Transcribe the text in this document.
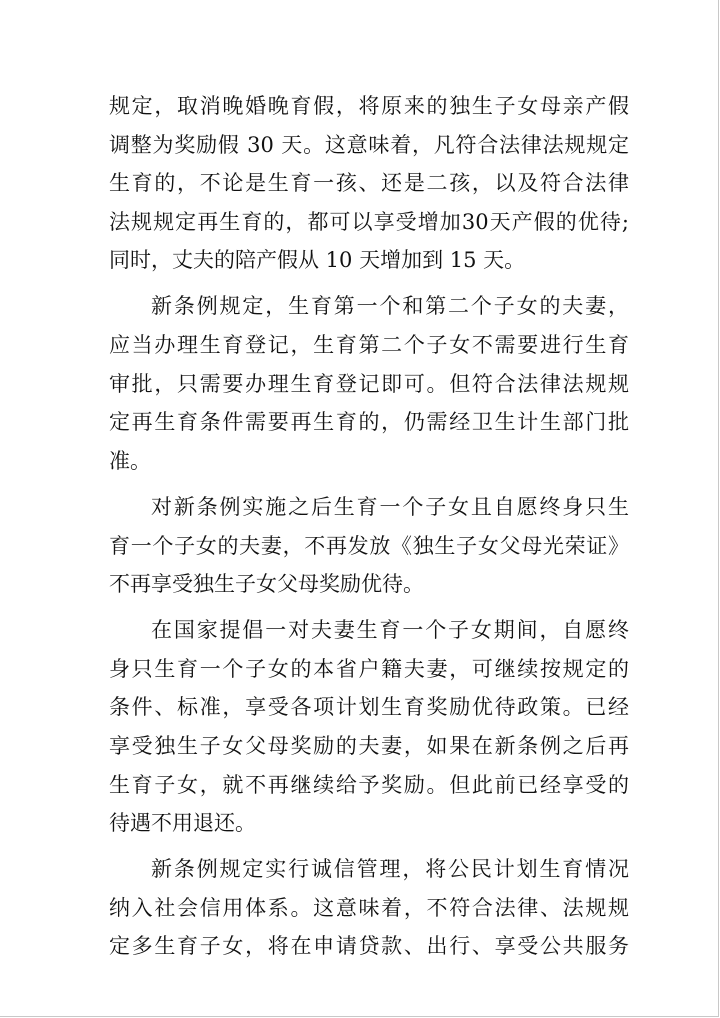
规定，取消晚婚晚育假，将原来的独生子女母亲产假
调整为奖励假 30 天。这意味着，凡符合法律法规规定
生育的，不论是生育一孩、还是二孩，以及符合法律
法规规定再生育的，都可以享受增加30天产假的优待;
同时，丈夫的陪产假从 10 天增加到 15 天。
新条例规定，生育第一个和第二个子女的夫妻，
应当办理生育登记，生育第二个子女不需要进行生育
审批，只需要办理生育登记即可。但符合法律法规规
定再生育条件需要再生育的，仍需经卫生计生部门批
准。
对新条例实施之后生育一个子女且自愿终身只生
育一个子女的夫妻，不再发放《独生子女父母光荣证》
不再享受独生子女父母奖励优待。
在国家提倡一对夫妻生育一个子女期间，自愿终
身只生育一个子女的本省户籍夫妻，可继续按规定的
条件、标准，享受各项计划生育奖励优待政策。已经
享受独生子女父母奖励的夫妻，如果在新条例之后再
生育子女，就不再继续给予奖励。但此前已经享受的
待遇不用退还。
新条例规定实行诚信管理，将公民计划生育情况
纳入社会信用体系。这意味着，不符合法律、法规规
定多生育子女，将在申请贷款、出行、享受公共服务
